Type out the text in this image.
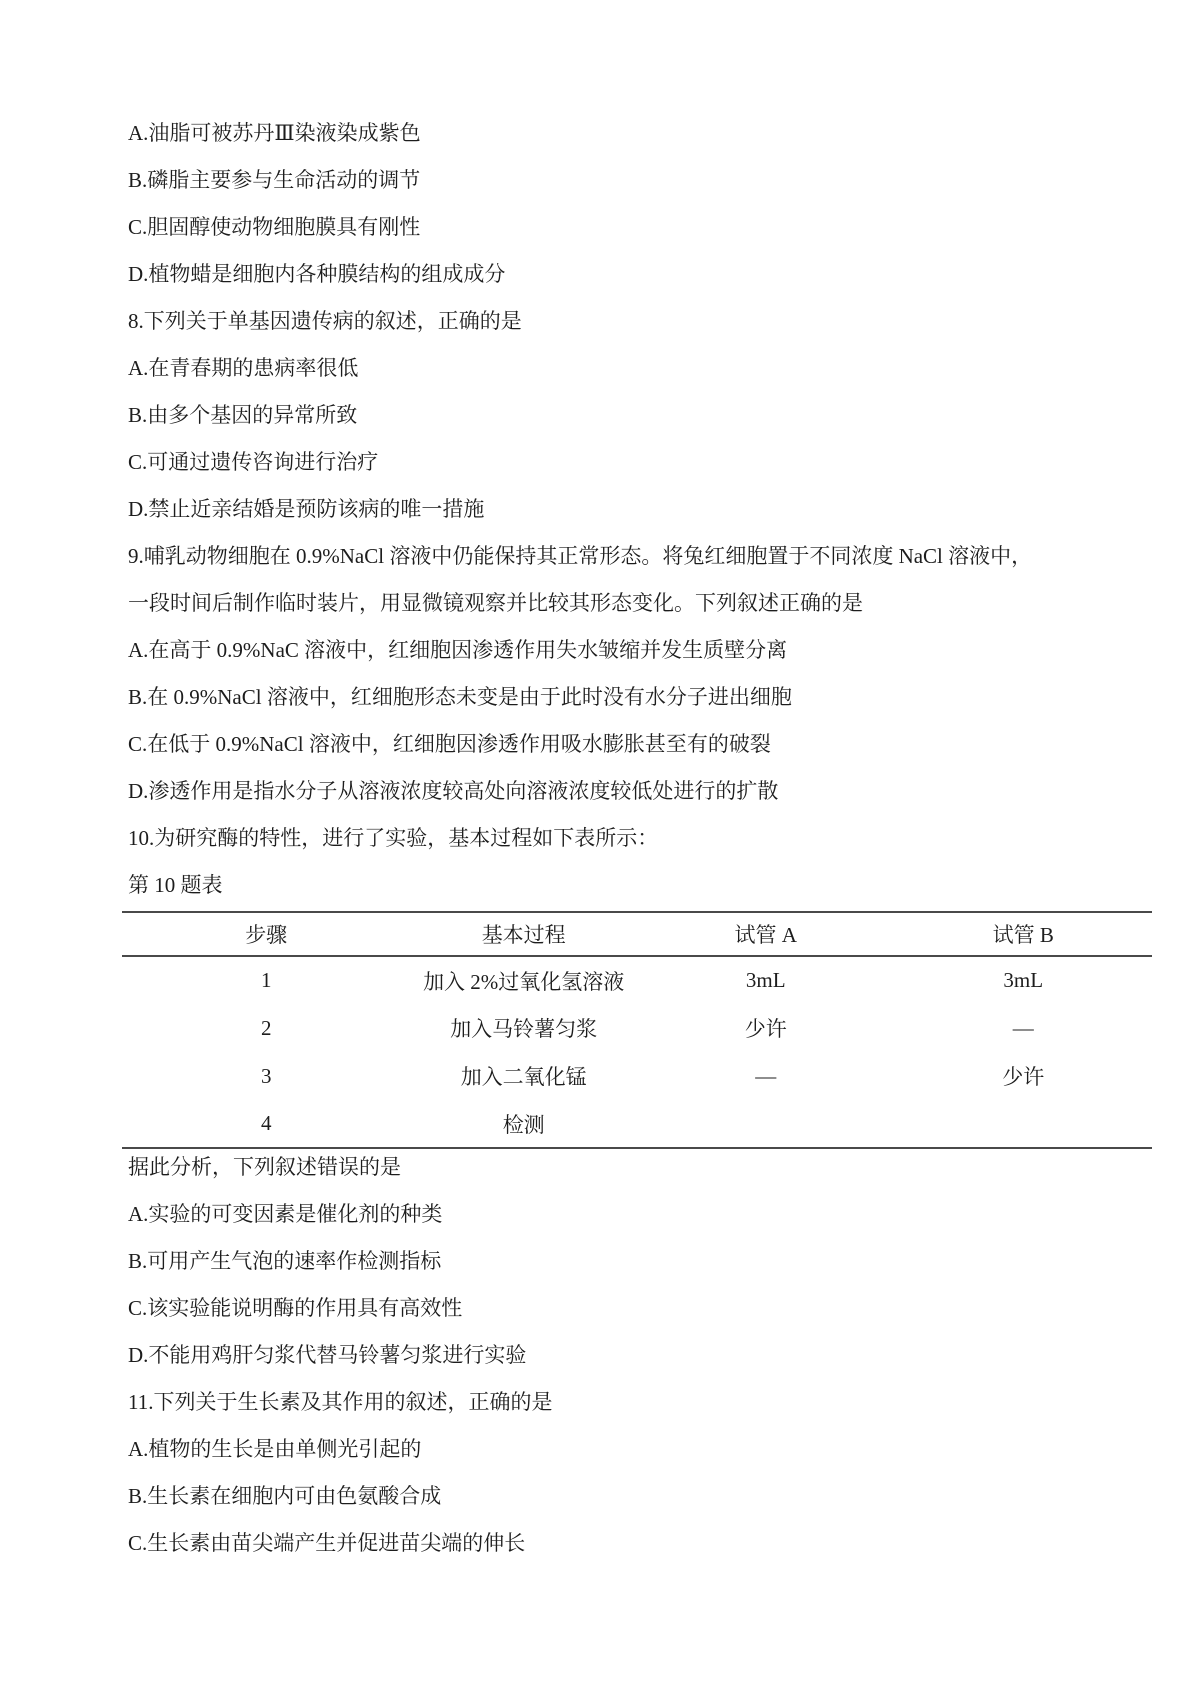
A.油脂可被苏丹Ⅲ染液染成紫色
B.磷脂主要参与生命活动的调节
C.胆固醇使动物细胞膜具有刚性
D.植物蜡是细胞内各种膜结构的组成成分
8.下列关于单基因遗传病的叙述，正确的是
A.在青春期的患病率很低
B.由多个基因的异常所致
C.可通过遗传咨询进行治疗
D.禁止近亲结婚是预防该病的唯一措施
9.哺乳动物细胞在 0.9%NaCl 溶液中仍能保持其正常形态。将兔红细胞置于不同浓度 NaCl 溶液中，
一段时间后制作临时装片，用显微镜观察并比较其形态变化。下列叙述正确的是
A.在高于 0.9%NaC 溶液中，红细胞因渗透作用失水皱缩并发生质壁分离
B.在 0.9%NaCl 溶液中，红细胞形态未变是由于此时没有水分子进出细胞
C.在低于 0.9%NaCl 溶液中，红细胞因渗透作用吸水膨胀甚至有的破裂
D.渗透作用是指水分子从溶液浓度较高处向溶液浓度较低处进行的扩散
10.为研究酶的特性，进行了实验，基本过程如下表所示：
第 10 题表
步骤	基本过程	试管 A	试管 B
1	加入 2%过氧化氢溶液	3mL	3mL
2	加入马铃薯匀浆	少许	—
3	加入二氧化锰	—	少许
4	检测		
据此分析，下列叙述错误的是
A.实验的可变因素是催化剂的种类
B.可用产生气泡的速率作检测指标
C.该实验能说明酶的作用具有高效性
D.不能用鸡肝匀浆代替马铃薯匀浆进行实验
11.下列关于生长素及其作用的叙述，正确的是
A.植物的生长是由单侧光引起的
B.生长素在细胞内可由色氨酸合成
C.生长素由苗尖端产生并促进苗尖端的伸长
